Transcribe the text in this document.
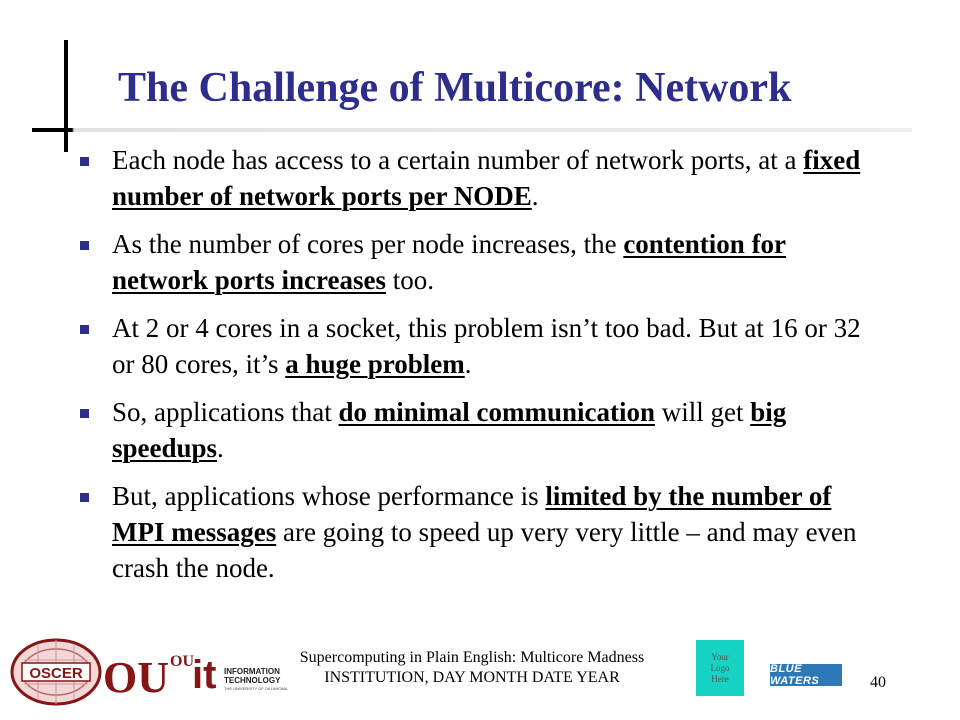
The Challenge of Multicore: Network
Each node has access to a certain number of network ports, at a fixed number of network ports per NODE.
As the number of cores per node increases, the contention for network ports increases too.
At 2 or 4 cores in a socket, this problem isn’t too bad. But at 16 or 32 or 80 cores, it’s a huge problem.
So, applications that do minimal communication will get big speedups.
But, applications whose performance is limited by the number of MPI messages are going to speed up very very little – and may even crash the node.
OSCER OU OU
it INFORMATION
TECHNOLOGY
THE UNIVERSITY OF OKLAHOMA
Supercomputing in Plain English: Multicore Madness
INSTITUTION, DAY MONTH DATE YEAR
Your
Logo
Here
BLUE WATERS	40
